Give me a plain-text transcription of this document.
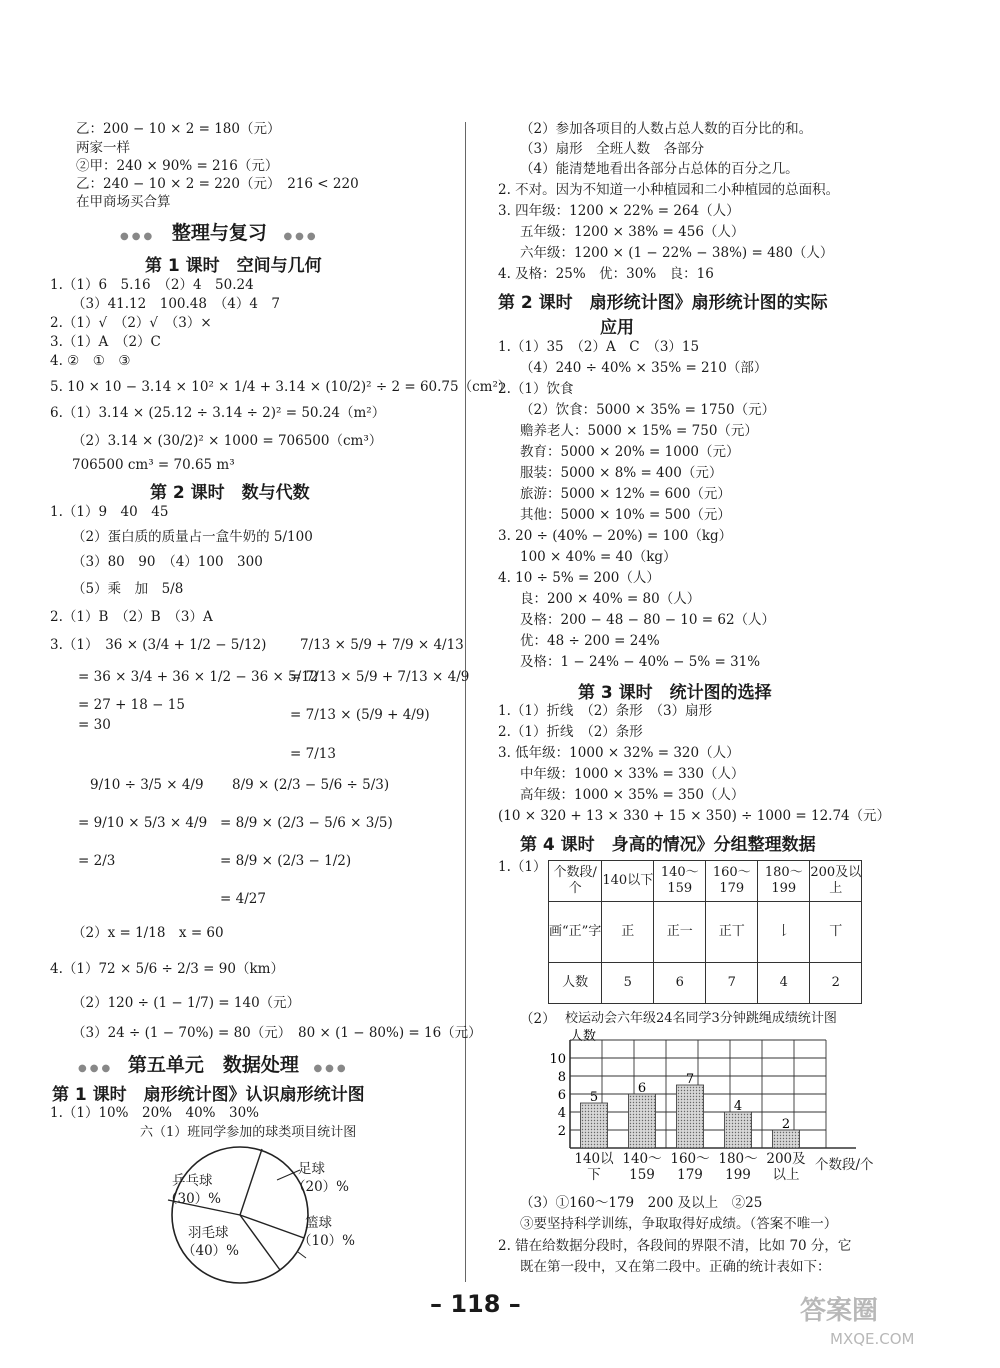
乙：200 − 10 × 2 = 180（元）
两家一样
②甲：240 × 90% = 216（元）
乙：240 − 10 × 2 = 220（元）　216 < 220
在甲商场买合算
●●● 整理与复习 ●●●
第 1 课时　空间与几何
1.（1）6　5.16　（2）4　50.24
（3）41.12　100.48　（4）4　7
2.（1）√　（2）√　（3）×
3.（1）A　（2）C
4. ②　①　③
5. 10 × 10 − 3.14 × 10² × 1/4 + 3.14 × (10/2)² ÷ 2 = 60.75（cm²）
6.（1）3.14 × (25.12 ÷ 3.14 ÷ 2)² = 50.24（m²）
（2）3.14 × (30/2)² × 1000 = 706500（cm³）
706500 cm³ = 70.65 m³
第 2 课时　数与代数
1.（1）9　40　45
（2）蛋白质的质量占一盒牛奶的 5/100
（3）80　90　（4）100　300
（5）乘　加　5/8
2.（1）B　（2）B　（3）A
3.（1）　36 × (3/4 + 1/2 − 5/12)
= 36 × 3/4 + 36 × 1/2 − 36 × 5/12
= 27 + 18 − 15
= 30
7/13 × 5/9 + 7/9 × 4/13
= 7/13 × 5/9 + 7/13 × 4/9
= 7/13 × (5/9 + 4/9)
= 7/13
9/10 ÷ 3/5 × 4/9
= 9/10 × 5/3 × 4/9
= 2/3
8/9 × (2/3 − 5/6 ÷ 5/3)
= 8/9 × (2/3 − 5/6 × 3/5)
= 8/9 × (2/3 − 1/2)
= 4/27
（2）x = 1/18　x = 60
4.（1）72 × 5/6 ÷ 2/3 = 90（km）
（2）120 ÷ (1 − 1/7) = 140（元）
（3）24 ÷ (1 − 70%) = 80（元）　80 × (1 − 80%) = 16（元）
●●● 第五单元　数据处理 ●●●
第 1 课时　扇形统计图》认识扇形统计图
1.（1）10%　20%　40%　30%
六（1）班同学参加的球类项目统计图
乒乓球
（30）%
足球
（20）%
羽毛球
（40）%
篮球
（10）%
（2）参加各项目的人数占总人数的百分比的和。
（3）扇形　全班人数　各部分
（4）能清楚地看出各部分占总体的百分之几。
2. 不对。因为不知道一小种植园和二小种植园的总面积。
3. 四年级：1200 × 22% = 264（人）
五年级：1200 × 38% = 456（人）
六年级：1200 × (1 − 22% − 38%) = 480（人）
4. 及格：25%　优：30%　良：16
第 2 课时　扇形统计图》扇形统计图的实际
应用
1.（1）35　（2）A　C　（3）15
（4）240 ÷ 40% × 35% = 210（部）
2.（1）饮食
（2）饮食：5000 × 35% = 1750（元）
赡养老人：5000 × 15% = 750（元）
教育：5000 × 20% = 1000（元）
服装：5000 × 8% = 400（元）
旅游：5000 × 12% = 600（元）
其他：5000 × 10% = 500（元）
3. 20 ÷ (40% − 20%) = 100（kg）
100 × 40% = 40（kg）
4. 10 ÷ 5% = 200（人）
良：200 × 40% = 80（人）
及格：200 − 48 − 80 − 10 = 62（人）
优：48 ÷ 200 = 24%
及格：1 − 24% − 40% − 5% = 31%
第 3 课时　统计图的选择
1.（1）折线　（2）条形　（3）扇形
2.（1）折线　（2）条形
3. 低年级：1000 × 32% = 320（人）
中年级：1000 × 33% = 330（人）
高年级：1000 × 35% = 350（人）
(10 × 320 + 13 × 330 + 15 × 350) ÷ 1000 = 12.74（元）
第 4 课时　身高的情况》分组整理数据
1.（1） 个数段/个	140以下	140～159	160～179	180～199	200及以上
画“正”字	正	正一	正丅	𠄌	丅
人数	5	6	7	4	2
（2） 校运动会六年级24名同学3分钟跳绳成绩统计图
人数
5
6
7
4
2
2
4
6
8
10
140以下
140～159
160～179
180～199
200及以上
个数段/个
（3）①160～179　200 及以上　②25
③要坚持科学训练，争取取得好成绩。（答案不唯一）
2. 错在给数据分段时，各段间的界限不清，比如 70 分，它
既在第一段中，又在第二段中。正确的统计表如下：
– 118 –	答案圈
MXQE.COM
